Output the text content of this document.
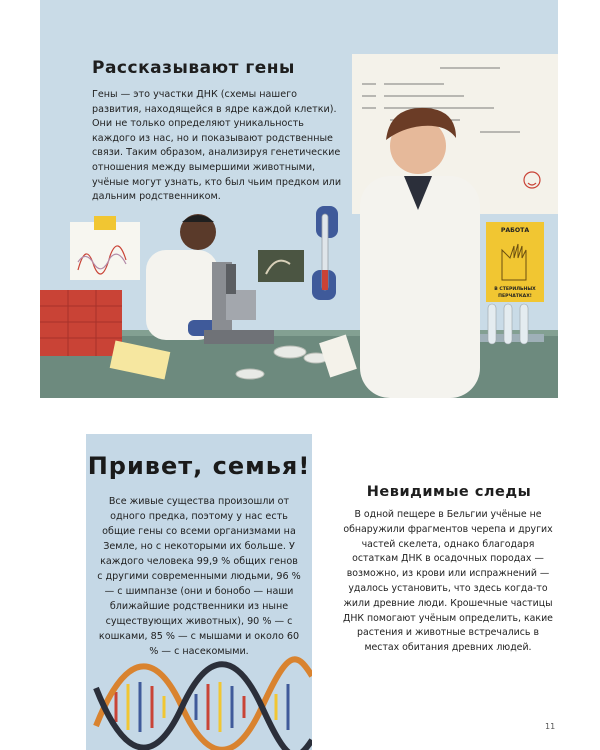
РАБОТА
В СТЕРИЛЬНЫХ
ПЕРЧАТКАХ!
Рассказывают гены
Гены — это участки ДНК (схемы нашего развития, находящейся в ядре каждой клетки). Они не только определяют уникальность каждого из нас, но и показывают родственные связи. Таким образом, анализируя генетические отношения между вымершими животными, учёные могут узнать, кто был чьим предком или дальним родственником.
Привет, семья!
Все живые существа произошли от одного предка, поэтому у нас есть общие гены со всеми организмами на Земле, но с некоторыми их больше. У каждого человека 99,9 % общих генов с другими современными людьми, 96 % — с шимпанзе (они и бонобо — наши ближайшие родственники из ныне существующих животных), 90 % — с кошками, 85 % — с мышами и около 60 % — с насекомыми.
Невидимые следы
В одной пещере в Бельгии учёные не обнаружили фрагментов черепа и других частей скелета, однако благодаря остаткам ДНК в осадочных породах — возможно, из крови или испражнений — удалось установить, что здесь когда-то жили древние люди. Крошечные частицы ДНК помогают учёным определить, какие растения и животные встречались в местах обитания древних людей.
11
